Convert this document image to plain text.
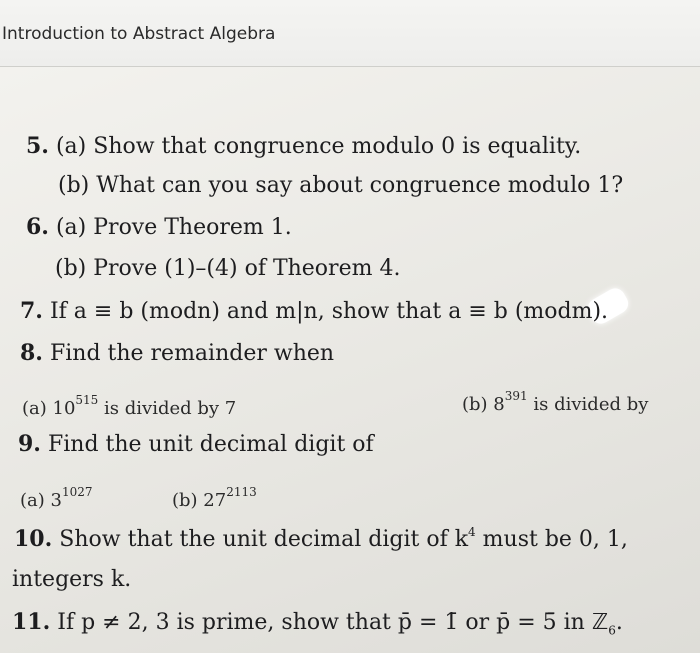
Introduction to Abstract Algebra
5. (a) Show that congruence modulo 0 is equality.
(b) What can you say about congruence modulo 1?
6. (a) Prove Theorem 1.
(b) Prove (1)–(4) of Theorem 4.
7. If a ≡ b (modn) and m|n, show that a ≡ b (modm).
8. Find the remainder when
(a) $10^{515}$ is divided by 7	(b) $8^{391}$ is divided by
9. Find the unit decimal digit of
(a) $3^{1027}$	(b) $27^{2113}$
10. Show that the unit decimal digit of $k^4$ must be 0, 1,
integers k.
11. If p ≠ 2, 3 is prime, show that p̄ = 1̄ or p̄ = 5̄ in ℤ$_6$.
